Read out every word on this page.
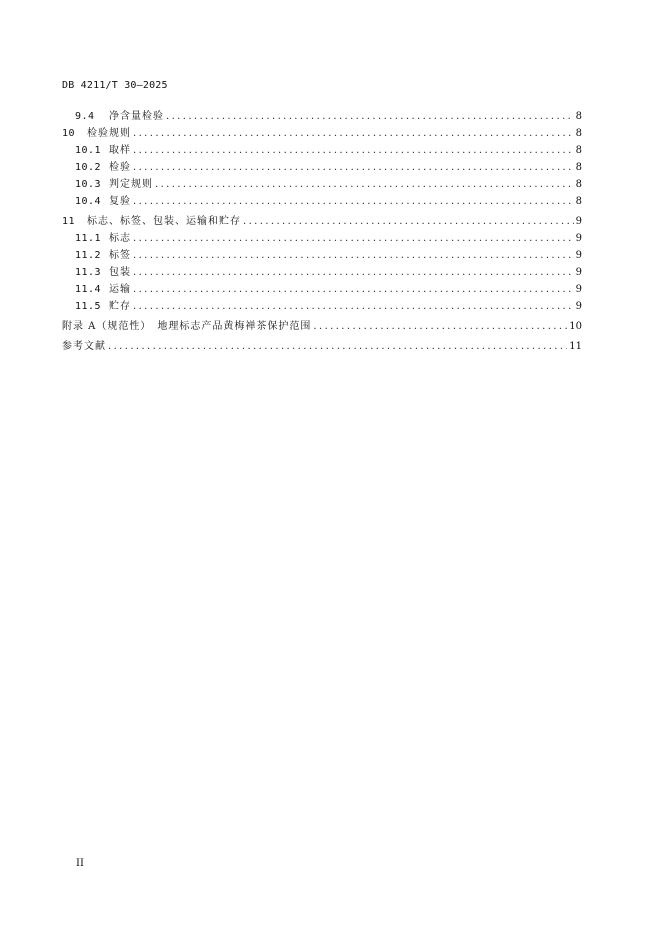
DB 4211/T 30—2025
9.4	净含量检验 .....	8
10	检验规则 .....	8
10.1 取样 .....	8
10.2 检验 .....	8
10.3 判定规则 .....	8
10.4 复验 .....	8
11	标志、标签、包装、运输和贮存 .....	9
11.1 标志 .....	9
11.2 标签 .....	9
11.3 包装 .....	9
11.4 运输 .....	9
11.5 贮存 .....	9
附录 A（规范性）　地理标志产品黄梅禅茶保护范围 .....	10
参考文献 .....	11
II
